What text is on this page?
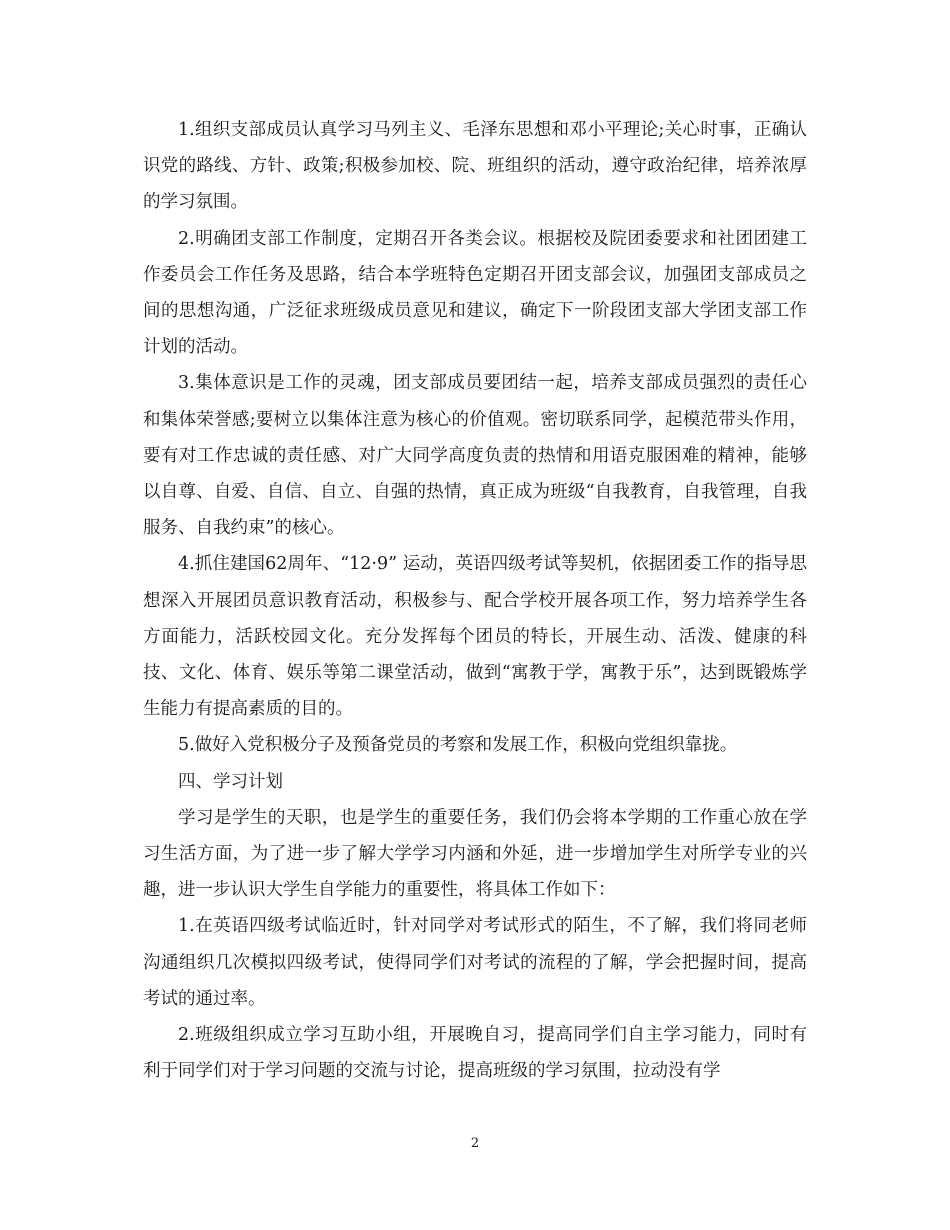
1.组织支部成员认真学习马列主义、毛泽东思想和邓小平理论;关心时事，正确认识党的路线、方针、政策;积极参加校、院、班组织的活动，遵守政治纪律，培养浓厚的学习氛围。

2.明确团支部工作制度，定期召开各类会议。根据校及院团委要求和社团团建工作委员会工作任务及思路，结合本学班特色定期召开团支部会议，加强团支部成员之间的思想沟通，广泛征求班级成员意见和建议，确定下一阶段团支部大学团支部工作计划的活动。

3.集体意识是工作的灵魂，团支部成员要团结一起，培养支部成员强烈的责任心和集体荣誉感;要树立以集体注意为核心的价值观。密切联系同学，起模范带头作用，要有对工作忠诚的责任感、对广大同学高度负责的热情和用语克服困难的精神，能够以自尊、自爱、自信、自立、自强的热情，真正成为班级“自我教育，自我管理，自我服务、自我约束”的核心。

4.抓住建国62周年、“12·9” 运动，英语四级考试等契机，依据团委工作的指导思想深入开展团员意识教育活动，积极参与、配合学校开展各项工作，努力培养学生各方面能力，活跃校园文化。充分发挥每个团员的特长，开展生动、活泼、健康的科技、文化、体育、娱乐等第二课堂活动，做到“寓教于学，寓教于乐”，达到既锻炼学生能力有提高素质的目的。

5.做好入党积极分子及预备党员的考察和发展工作，积极向党组织靠拢。

四、学习计划

学习是学生的天职，也是学生的重要任务，我们仍会将本学期的工作重心放在学习生活方面，为了进一步了解大学学习内涵和外延，进一步增加学生对所学专业的兴趣，进一步认识大学生自学能力的重要性，将具体工作如下：

1.在英语四级考试临近时，针对同学对考试形式的陌生，不了解，我们将同老师沟通组织几次模拟四级考试，使得同学们对考试的流程的了解，学会把握时间，提高考试的通过率。

2.班级组织成立学习互助小组，开展晚自习，提高同学们自主学习能力，同时有利于同学们对于学习问题的交流与讨论，提高班级的学习氛围，拉动没有学

2
